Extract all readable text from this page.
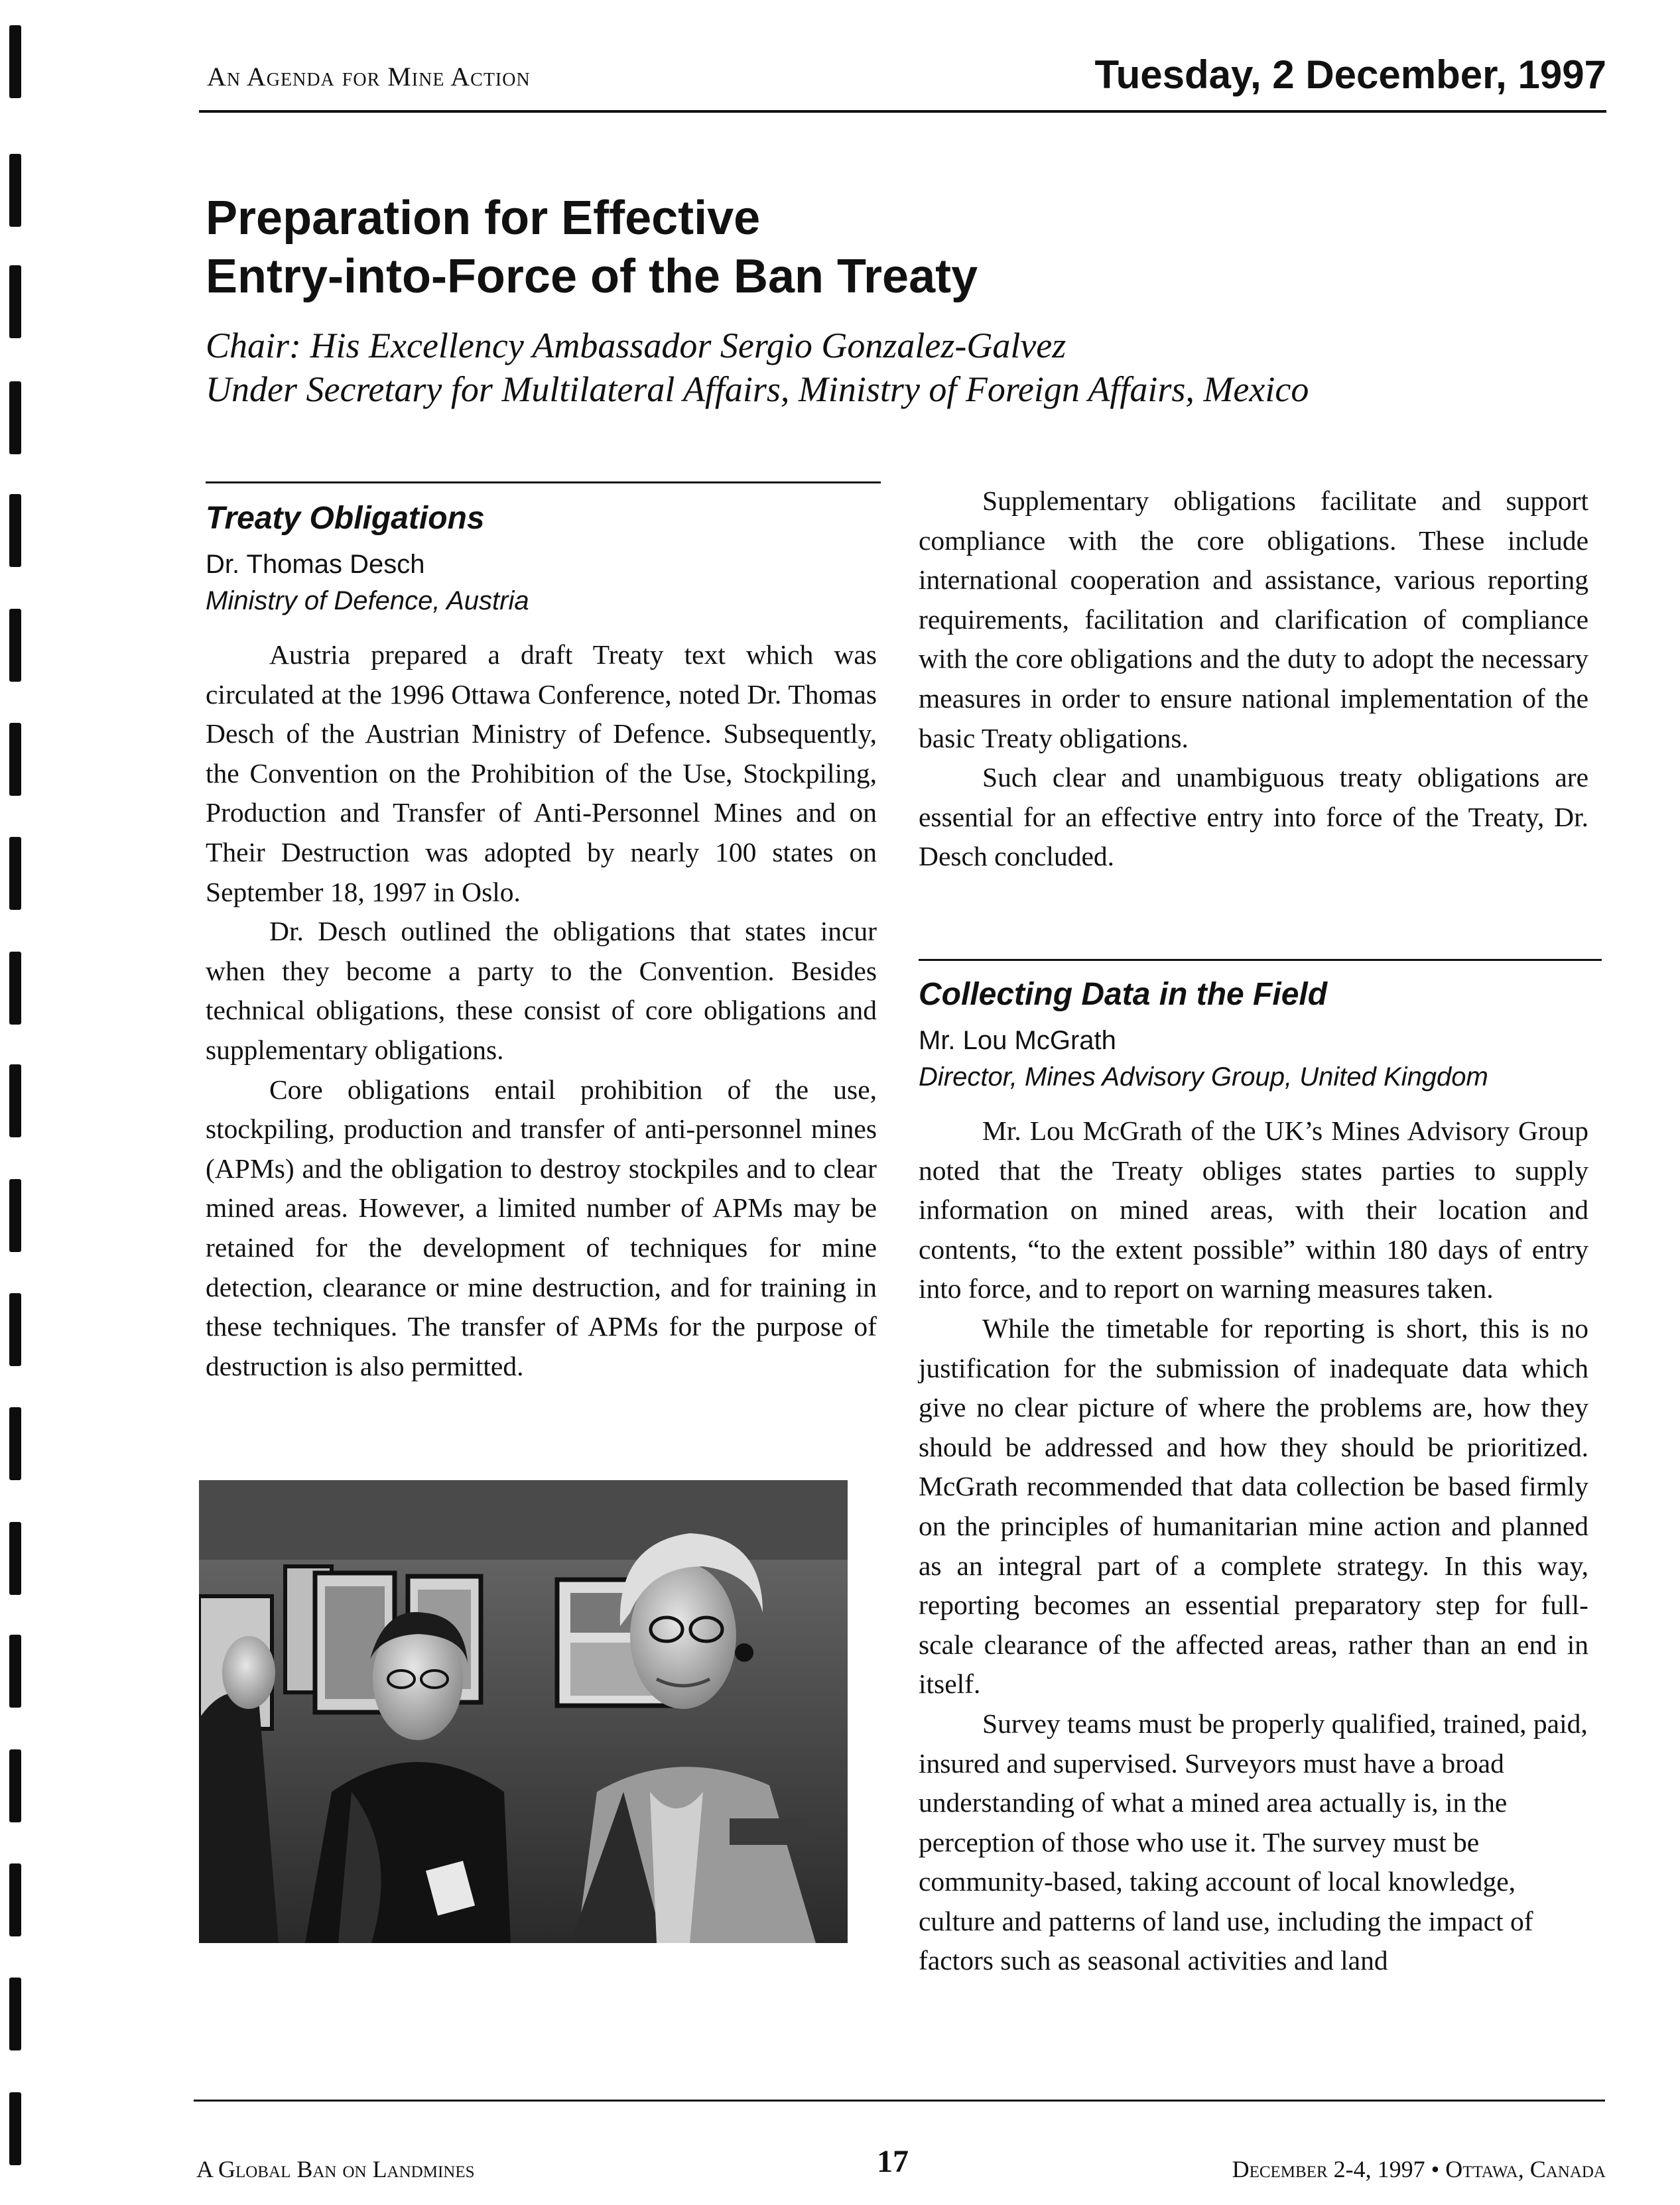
An Agenda for Mine Action	Tuesday, 2 December, 1997
Preparation for Effective
Entry-into-Force of the Ban Treaty
Chair: His Excellency Ambassador Sergio Gonzalez-Galvez
Under Secretary for Multilateral Affairs, Ministry of Foreign Affairs, Mexico
Treaty Obligations
Dr. Thomas Desch
Ministry of Defence, Austria

Austria prepared a draft Treaty text which was circulated at the 1996 Ottawa Conference, noted Dr. Thomas Desch of the Austrian Ministry of Defence. Subsequently, the Convention on the Prohibition of the Use, Stockpiling, Production and Transfer of Anti-Personnel Mines and on Their Destruction was adopted by nearly 100 states on September 18, 1997 in Oslo.

Dr. Desch outlined the obligations that states incur when they become a party to the Convention. Besides technical obligations, these consist of core obligations and supplementary obligations.

Core obligations entail prohibition of the use, stockpiling, production and transfer of anti-personnel mines (APMs) and the obligation to destroy stockpiles and to clear mined areas. However, a limited number of APMs may be retained for the development of techniques for mine detection, clearance or mine destruction, and for training in these techniques. The transfer of APMs for the purpose of destruction is also permitted.

Supplementary obligations facilitate and support compliance with the core obligations. These include international cooperation and assistance, various reporting requirements, facilitation and clarification of compliance with the core obligations and the duty to adopt the necessary measures in order to ensure national implementation of the basic Treaty obligations.

Such clear and unambiguous treaty obligations are essential for an effective entry into force of the Treaty, Dr. Desch concluded.

Collecting Data in the Field
Mr. Lou McGrath
Director, Mines Advisory Group, United Kingdom

Mr. Lou McGrath of the UK’s Mines Advisory Group noted that the Treaty obliges states parties to supply information on mined areas, with their location and contents, “to the extent possible” within 180 days of entry into force, and to report on warning measures taken.

While the timetable for reporting is short, this is no justification for the submission of inadequate data which give no clear picture of where the problems are, how they should be addressed and how they should be prioritized. McGrath recommended that data collection be based firmly on the principles of humanitarian mine action and planned as an integral part of a complete strategy. In this way, reporting becomes an essential preparatory step for full-scale clearance of the affected areas, rather than an end in itself.

Survey teams must be properly qualified, trained, paid, insured and supervised. Surveyors must have a broad understanding of what a mined area actually is, in the perception of those who use it. The survey must be community-based, taking account of local knowledge, culture and patterns of land use, including the impact of factors such as seasonal activities and land

A Global Ban on Landmines	17	December 2-4, 1997 • Ottawa, Canada
